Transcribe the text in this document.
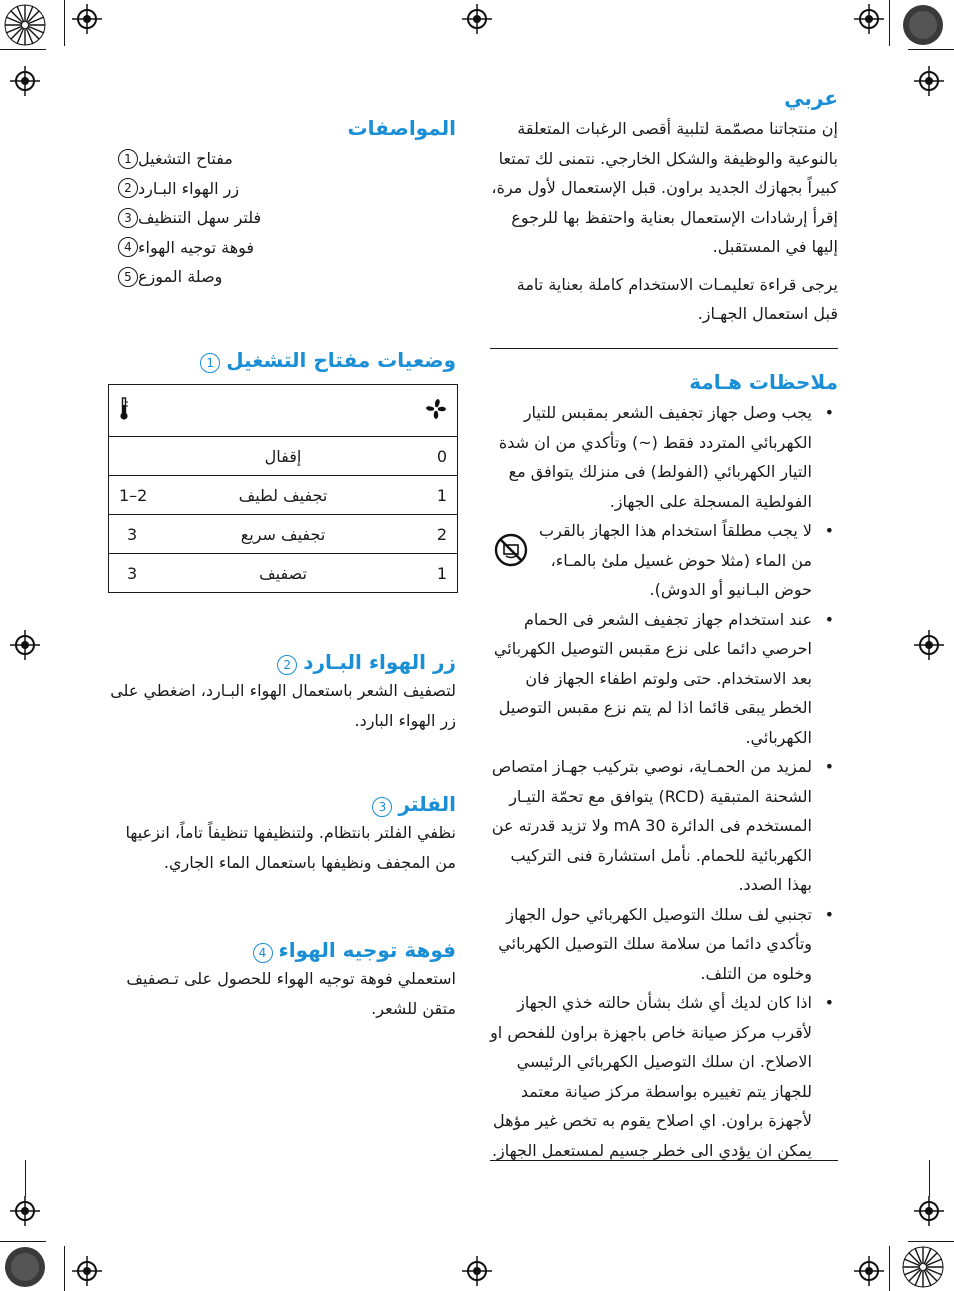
عربي

إن منتجاتنا مصمّمة لتلبية أقصى الرغبات المتعلقة بالنوعية والوظيفة والشكل الخارجي. نتمنى لك تمتعا كبيراً بجهازك الجديد براون. قبل الإستعمال لأول مرة، إقرأ إرشادات الإستعمال بعناية واحتفظ بها للرجوع إليها في المستقبل.

يرجى قراءة تعليمـات الاستخدام كاملة بعناية تامة قبل استعمال الجهـاز.

ملاحظات هـامة
• يجب وصل جهاز تجفيف الشعر بمقبس للتيار الكهربائي المتردد فقط (~) وتأكدي من ان شدة التيار الكهربائي (الفولط) فى منزلك يتوافق مع الفولطية المسجلة على الجهاز.
• لا يجب مطلقاً استخدام هذا الجهاز بالقرب من الماء (مثلا حوض غسيل ملئ بالمـاء، حوض البـانيو أو الدوش).
• عند استخدام جهاز تجفيف الشعر فى الحمام احرصي دائما على نزع مقبس التوصيل الكهربائي بعد الاستخدام. حتى ولوتم اطفاء الجهاز فان الخطر يبقى قائما اذا لم يتم نزع مقبس التوصيل الكهربائي.
• لمزيد من الحمـاية، نوصي بتركيب جهـاز امتصاص الشحنة المتبقية (RCD) يتوافق مع تحمّة التيـار المستخدم فى الدائرة 30 mA ولا تزيد قدرته عن الكهربائية للحمام. نأمل استشارة فنى التركيب بهذا الصدد.
• تجنبي لف سلك التوصيل الكهربائي حول الجهاز وتأكدي دائما من سلامة سلك التوصيل الكهربائي وخلوه من التلف.
• اذا كان لديك أي شك بشأن حالته خذي الجهاز لأقرب مركز صيانة خاص باجهزة براون للفحص او الاصلاح. ان سلك التوصيل الكهربائي الرئيسي للجهاز يتم تغييره بواسطة مركز صيانة معتمد لأجهزة براون. اي اصلاح يقوم به تخص غير مؤهل يمكن ان يؤدي الى خطر جسيم لمستعمل الجهاز.
المواصفات
1 مفتاح التشغيل
2 زر الهواء البـارد
3 فلتر سهل التنظيف
4 فوهة توجيه الهواء
5 وصلة الموزع
وضعيات مفتاح التشغيل1

	إقفال	0
1–2	تجفيف لطيف	1
3	تجفيف سريع	2
3	تصفيف	1
زر الهواء البـارد2

لتصفيف الشعر باستعمال الهواء البـارد، اضغطي على زر الهواء البارد.

الفلتر3

نظفي الفلتر بانتظام. ولتنظيفها تنظيفاً تاماً، انزعيها من المجفف ونظيفها باستعمال الماء الجاري.

فوهة توجيه الهواء4

استعملي فوهة توجيه الهواء للحصول على تـصفيف متقن للشعر.
